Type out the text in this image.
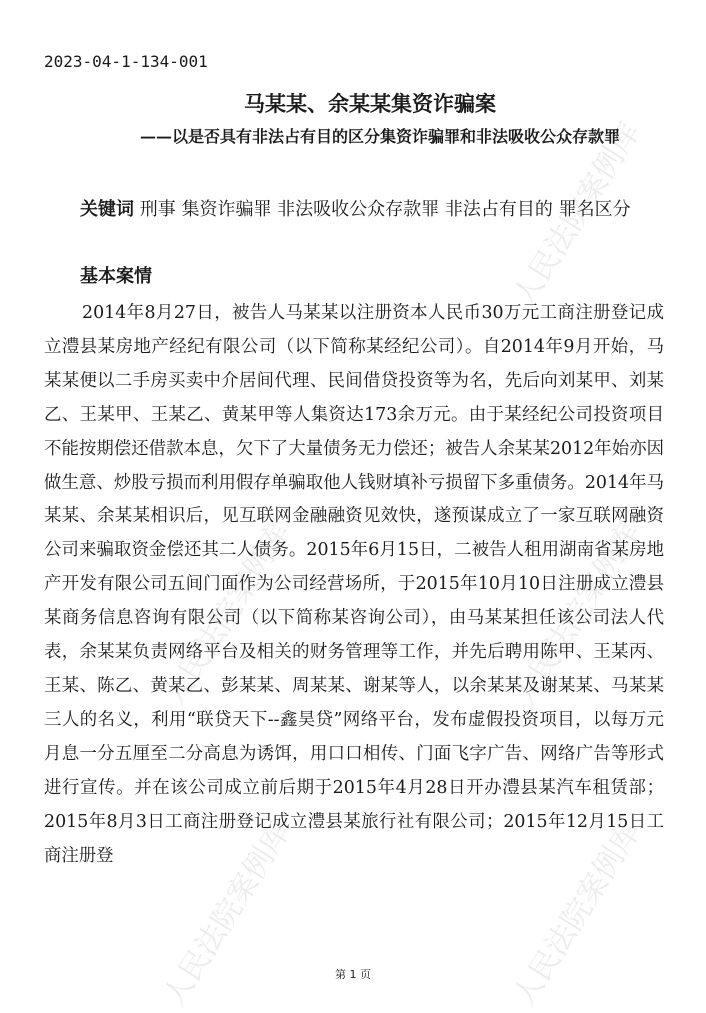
人民法院案例库
人民法院案例库
人民法院案例库
人民法院案例库
人民法院案例库
2023-04-1-134-001
马某某、余某某集资诈骗案
——以是否具有非法占有目的区分集资诈骗罪和非法吸收公众存款罪
关键词 刑事 集资诈骗罪 非法吸收公众存款罪 非法占有目的 罪名区分
基本案情
2014年8月27日，被告人马某某以注册资本人民币30万元工商注册登记成立澧县某房地产经纪有限公司（以下简称某经纪公司）。自2014年9月开始，马某某便以二手房买卖中介居间代理、民间借贷投资等为名，先后向刘某甲、刘某乙、王某甲、王某乙、黄某甲等人集资达173余万元。由于某经纪公司投资项目不能按期偿还借款本息，欠下了大量债务无力偿还；被告人余某某2012年始亦因做生意、炒股亏损而利用假存单骗取他人钱财填补亏损留下多重债务。2014年马某某、余某某相识后，见互联网金融融资见效快，遂预谋成立了一家互联网融资公司来骗取资金偿还其二人债务。2015年6月15日，二被告人租用湖南省某房地产开发有限公司五间门面作为公司经营场所，于2015年10月10日注册成立澧县某商务信息咨询有限公司（以下简称某咨询公司），由马某某担任该公司法人代表，余某某负责网络平台及相关的财务管理等工作，并先后聘用陈甲、王某丙、王某、陈乙、黄某乙、彭某某、周某某、谢某等人，以余某某及谢某某、马某某三人的名义，利用“联贷天下--鑫昊贷”网络平台，发布虚假投资项目，以每万元月息一分五厘至二分高息为诱饵，用口口相传、门面飞字广告、网络广告等形式进行宣传。并在该公司成立前后期于2015年4月28日开办澧县某汽车租赁部；2015年8月3日工商注册登记成立澧县某旅行社有限公司；2015年12月15日工商注册登
第 1 页
